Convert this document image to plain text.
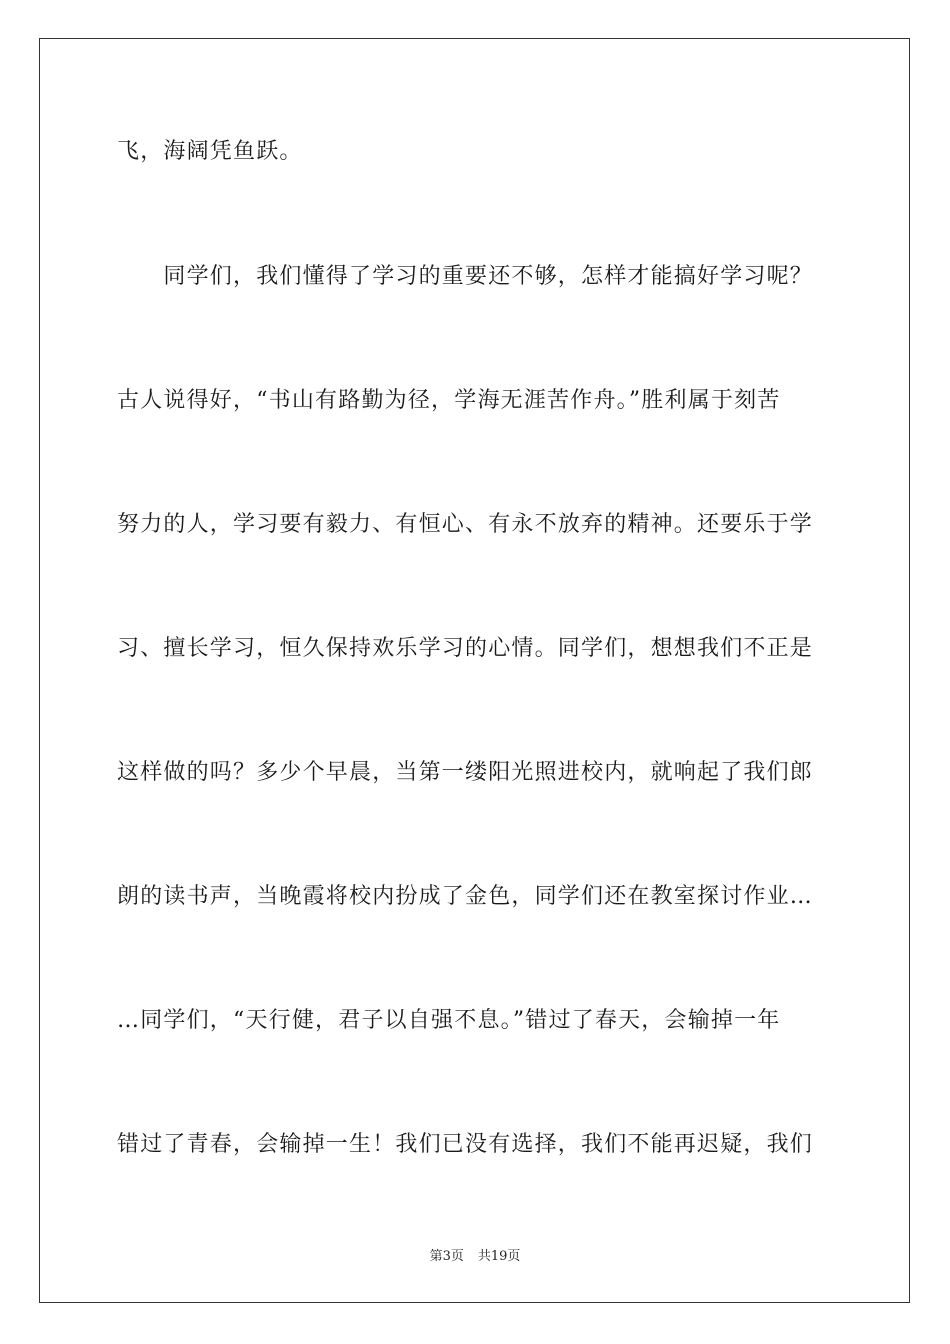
飞，海阔凭鱼跃。
　　同学们，我们懂得了学习的重要还不够，怎样才能搞好学习呢？
古人说得好，“书山有路勤为径，学海无涯苦作舟。”胜利属于刻苦
努力的人，学习要有毅力、有恒心、有永不放弃的精神。还要乐于学
习、擅长学习，恒久保持欢乐学习的心情。同学们，想想我们不正是
这样做的吗？多少个早晨，当第一缕阳光照进校内，就响起了我们郎
朗的读书声，当晚霞将校内扮成了金色，同学们还在教室探讨作业…
…同学们，“天行健，君子以自强不息。”错过了春天，会输掉一年
错过了青春，会输掉一生！我们已没有选择，我们不能再迟疑，我们
第3页 共19页
